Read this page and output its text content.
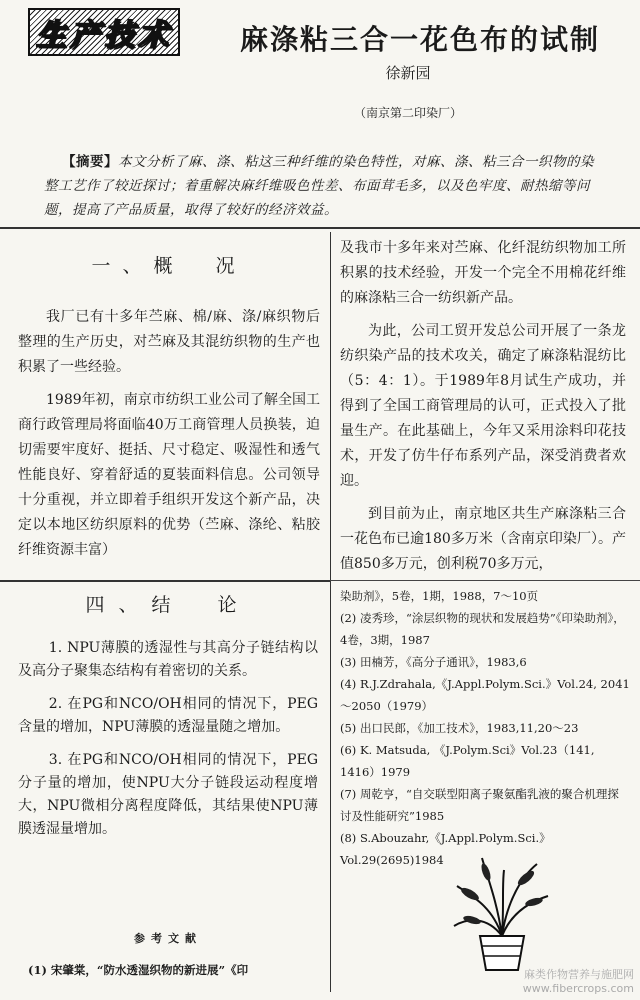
生产技术	麻涤粘三合一花色布的试制
徐新园
（南京第二印染厂）
【摘要】本文分析了麻、涤、粘这三种纤维的染色特性，对麻、涤、粘三合一织物的染整工艺作了较近探讨；着重解决麻纤维吸色性差、布面茸毛多，以及色牢度、耐热缩等问题，提高了产品质量，取得了较好的经济效益。
一、概　况

我厂已有十多年苎麻、棉/麻、涤/麻织物后整理的生产历史，对苎麻及其混纺织物的生产也积累了一些经验。

1989年初，南京市纺织工业公司了解全国工商行政管理局将面临40万工商管理人员换装，迫切需要牢度好、挺括、尺寸稳定、吸湿性和透气性能良好、穿着舒适的夏装面料信息。公司领导十分重视，并立即着手组织开发这个新产品，决定以本地区纺织原料的优势（苎麻、涤纶、粘胶纤维资源丰富）

及我市十多年来对苎麻、化纤混纺织物加工所积累的技术经验，开发一个完全不用棉花纤维的麻涤粘三合一纺织新产品。

为此，公司工贸开发总公司开展了一条龙纺织染产品的技术攻关，确定了麻涤粘混纺比（5：4：1）。于1989年8月试生产成功，并得到了全国工商管理局的认可，正式投入了批量生产。在此基础上，今年又采用涂料印花技术，开发了仿牛仔布系列产品，深受消费者欢迎。

到目前为止，南京地区共生产麻涤粘三合一花色布已逾180多万米（含南京印染厂）。产值850多万元，创利税70多万元，

四、结　论

1. NPU薄膜的透湿性与其高分子链结构以及高分子聚集态结构有着密切的关系。

2. 在PG和NCO/OH相同的情况下，PEG含量的增加，NPU薄膜的透湿量随之增加。

3. 在PG和NCO/OH相同的情况下，PEG分子量的增加，使NPU大分子链段运动程度增大，NPU微相分离程度降低，其结果使NPU薄膜透湿量增加。

参考文献
(1) 宋肇棠，“防水透湿织物的新进展”《印
染助剂》，5卷，1期，1988，7～10页
(2) 凌秀珍，“涂层织物的现状和发展趋势”《印染助剂》，4卷，3期，1987
(3) 田楠芳，《高分子通讯》，1983,6
(4) R.J.Zdrahala,《J.Appl.Polym.Sci.》Vol.24, 2041～2050（1979）
(5) 出口民郎，《加工技术》，1983,11,20～23
(6) K. Matsuda, 《J.Polym.Sci》Vol.23（141, 1416）1979
(7) 周乾亨，“自交联型阳离子聚氨酯乳液的聚合机理探讨及性能研究”1985
(8) S.Abouzahr,《J.Appl.Polym.Sci.》Vol.29(2695)1984
麻类作物营养与施肥网
www.fibercrops.com
